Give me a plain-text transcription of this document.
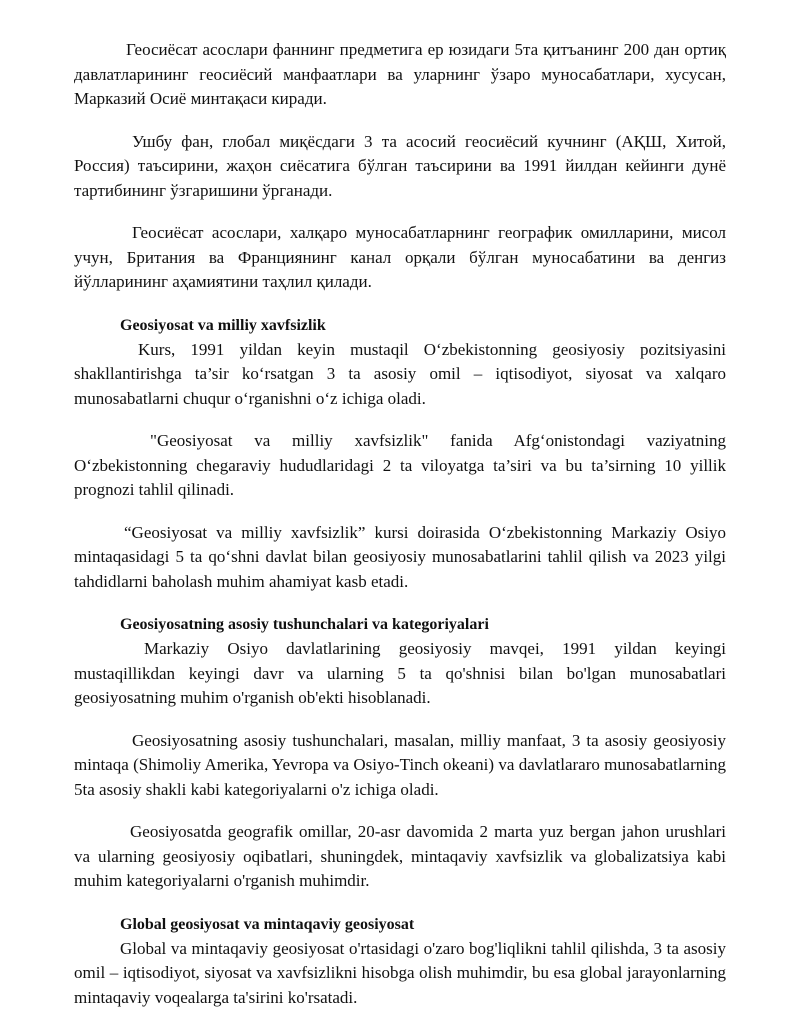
Геосиёсат асослари фаннинг предметига ер юзидаги 5та қитъанинг 200 дан ортиқ давлатларининг геосиёсий манфаатлари ва уларнинг ўзаро муносабатлари, хусусан, Марказий Осиё минтақаси киради.

Ушбу фан, глобал миқёсдаги 3 та асосий геосиёсий кучнинг (АҚШ, Хитой, Россия) таъсирини, жаҳон сиёсатига бўлган таъсирини ва 1991 йилдан кейинги дунё тартибининг ўзгаришини ўрганади.

Геосиёсат асослари, халқаро муносабатларнинг географик омилларини, мисол учун, Британия ва Франциянинг канал орқали бўлган муносабатини ва денгиз йўлларининг аҳамиятини таҳлил қилади.

Geosiyosat va milliy xavfsizlik

Kurs, 1991 yildan keyin mustaqil O‘zbekistonning geosiyosiy pozitsiyasini shakllantirishga ta’sir ko‘rsatgan 3 ta asosiy omil – iqtisodiyot, siyosat va xalqaro munosabatlarni chuqur o‘rganishni o‘z ichiga oladi.

"Geosiyosat va milliy xavfsizlik" fanida Afg‘onistondagi vaziyatning O‘zbekistonning chegaraviy hududlaridagi 2 ta viloyatga ta’siri va bu ta’sirning 10 yillik prognozi tahlil qilinadi.

“Geosiyosat va milliy xavfsizlik” kursi doirasida O‘zbekistonning Markaziy Osiyo mintaqasidagi 5 ta qo‘shni davlat bilan geosiyosiy munosabatlarini tahlil qilish va 2023 yilgi tahdidlarni baholash muhim ahamiyat kasb etadi.

Geosiyosatning asosiy tushunchalari va kategoriyalari

Markaziy Osiyo davlatlarining geosiyosiy mavqei, 1991 yildan keyingi mustaqillikdan keyingi davr va ularning 5 ta qo'shnisi bilan bo'lgan munosabatlari geosiyosatning muhim o'rganish ob'ekti hisoblanadi.

Geosiyosatning asosiy tushunchalari, masalan, milliy manfaat, 3 ta asosiy geosiyosiy mintaqa (Shimoliy Amerika, Yevropa va Osiyo-Tinch okeani) va davlatlararo munosabatlarning 5ta asosiy shakli kabi kategoriyalarni o'z ichiga oladi.

Geosiyosatda geografik omillar, 20-asr davomida 2 marta yuz bergan jahon urushlari va ularning geosiyosiy oqibatlari, shuningdek, mintaqaviy xavfsizlik va globalizatsiya kabi muhim kategoriyalarni o'rganish muhimdir.

Global geosiyosat va mintaqaviy geosiyosat

Global va mintaqaviy geosiyosat o'rtasidagi o'zaro bog'liqlikni tahlil qilishda, 3 ta asosiy omil – iqtisodiyot, siyosat va xavfsizlikni hisobga olish muhimdir, bu esa global jarayonlarning mintaqaviy voqealarga ta'sirini ko'rsatadi.
